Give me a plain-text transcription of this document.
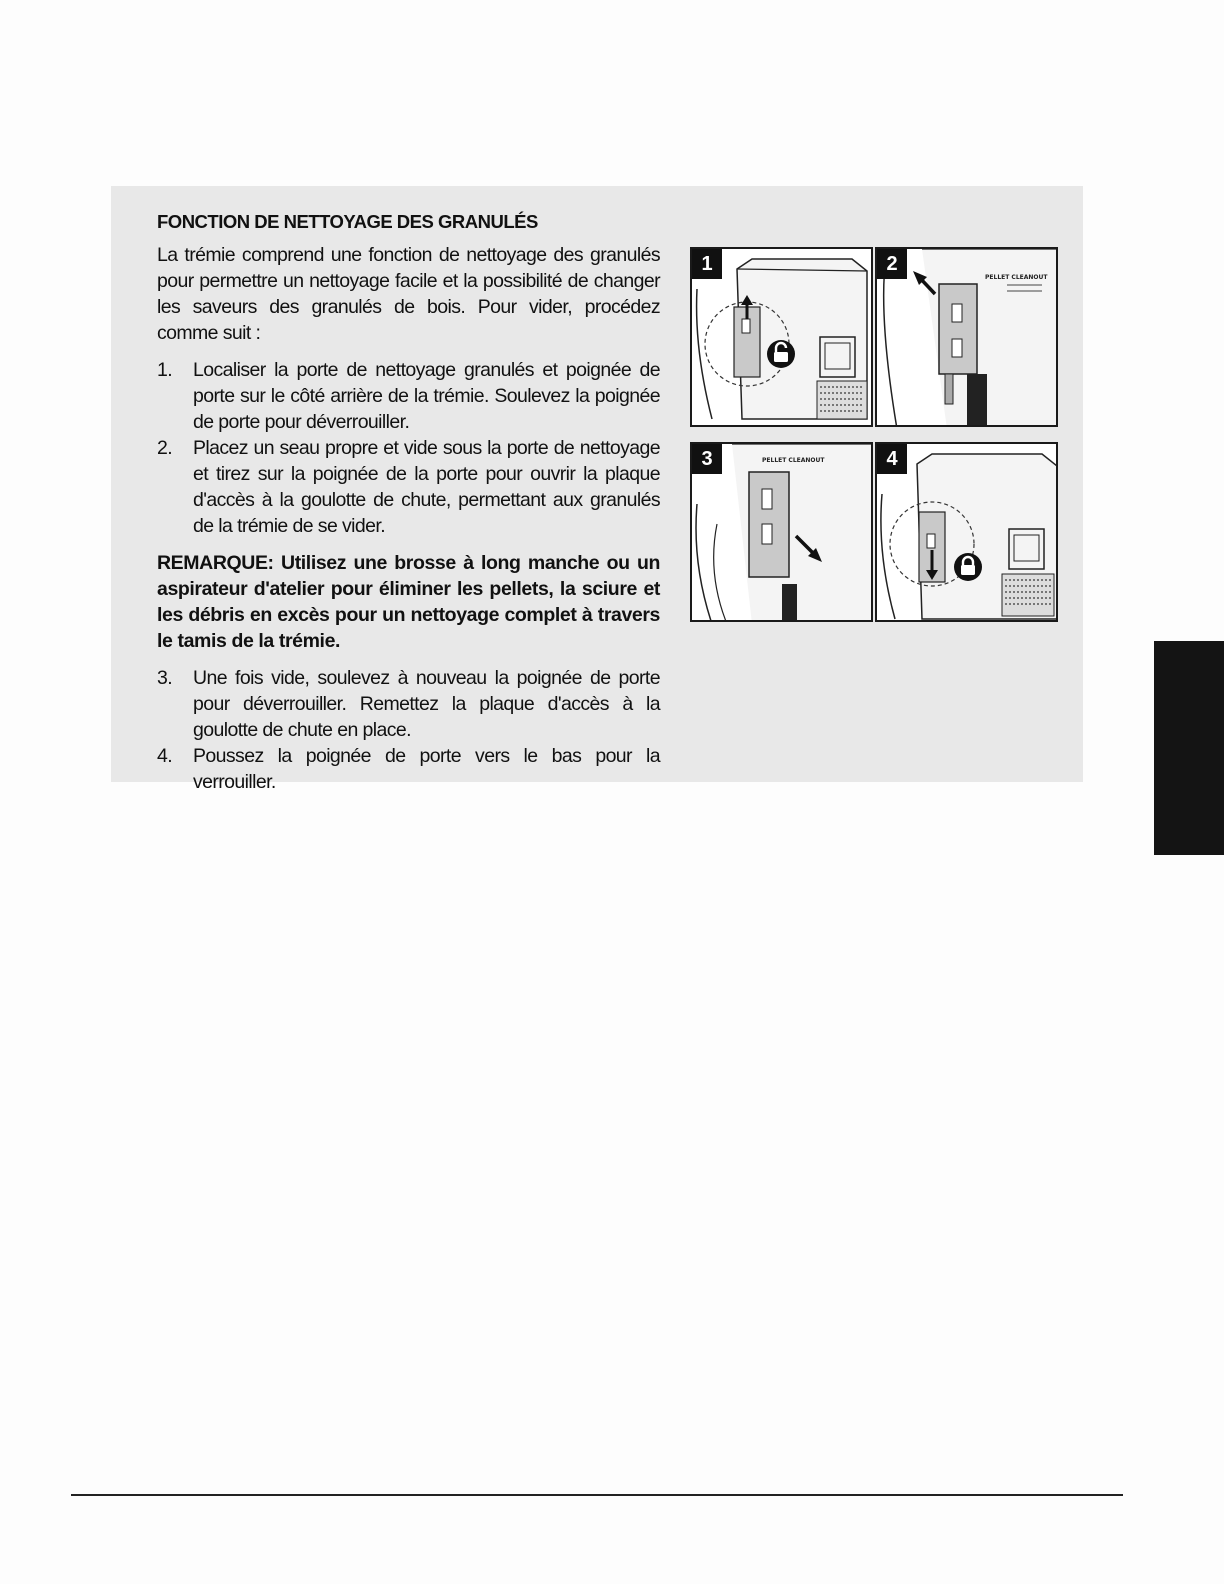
FONCTION DE NETTOYAGE DES GRANULÉS

La trémie comprend une fonction de nettoyage des granulés pour permettre un nettoyage facile et la possibilité de changer les saveurs des granulés de bois. Pour vider, procédez comme suit :

1. Localiser la porte de nettoyage granulés et poignée de porte sur le côté arrière de la trémie. Soulevez la poignée de porte pour déverrouiller.
2. Placez un seau propre et vide sous la porte de nettoyage et tirez sur la poignée de la porte pour ouvrir la plaque d'accès à la goulotte de chute, permettant aux granulés de la trémie de se vider.

REMARQUE: Utilisez une brosse à long manche ou un aspirateur d'atelier pour éliminer les pellets, la sciure et les débris en excès pour un nettoyage complet à travers le tamis de la trémie.

3. Une fois vide, soulevez à nouveau la poignée de porte pour déverrouiller. Remettez la plaque d'accès à la goulotte de chute en place.
4. Poussez la poignée de porte vers le bas pour la verrouiller.
1
PELLET CLEANOUT
2
PELLET CLEANOUT
3	4
